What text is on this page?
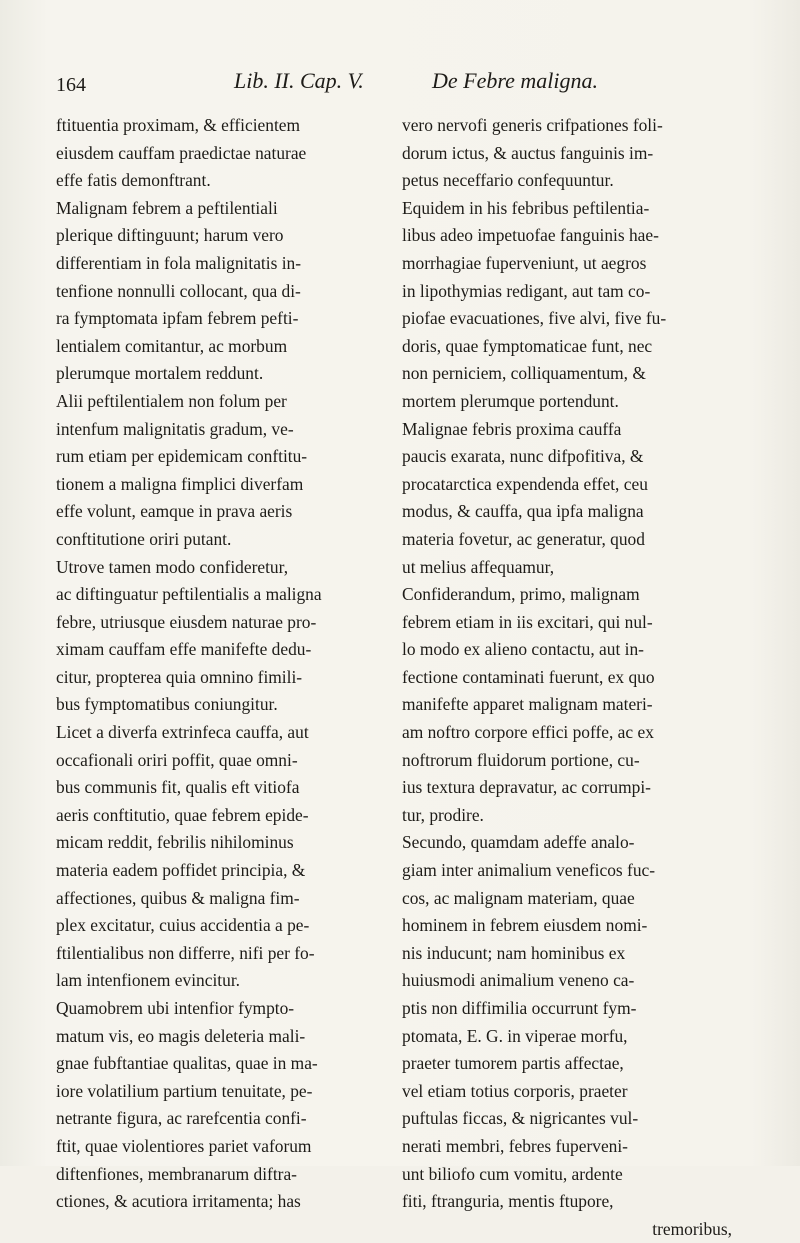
164	Lib. II. Cap. V.	De Febre maligna.
ftituentia proximam, & efficientem
eiusdem cauffam praedictae naturae
effe fatis demonftrant.
Malignam febrem a peftilentiali
plerique diftinguunt; harum vero
differentiam in fola malignitatis in-
tenfione nonnulli collocant, qua di-
ra fymptomata ipfam febrem pefti-
lentialem comitantur, ac morbum
plerumque mortalem reddunt.
Alii peftilentialem non folum per
intenfum malignitatis gradum, ve-
rum etiam per epidemicam conftitu-
tionem a maligna fimplici diverfam
effe volunt, eamque in prava aeris
conftitutione oriri putant.
Utrove tamen modo confideretur,
ac diftinguatur peftilentialis a maligna
febre, utriusque eiusdem naturae pro-
ximam cauffam effe manifefte dedu-
citur, propterea quia omnino fimili-
bus fymptomatibus coniungitur.
Licet a diverfa extrinfeca cauffa, aut
occafionali oriri poffit, quae omni-
bus communis fit, qualis eft vitiofa
aeris conftitutio, quae febrem epide-
micam reddit, febrilis nihilominus
materia eadem poffidet principia, &
affectiones, quibus & maligna fim-
plex excitatur, cuius accidentia a pe-
ftilentialibus non differre, nifi per fo-
lam intenfionem evincitur.
Quamobrem ubi intenfior fympto-
matum vis, eo magis deleteria mali-
gnae fubftantiae qualitas, quae in ma-
iore volatilium partium tenuitate, pe-
netrante figura, ac rarefcentia confi-
ftit, quae violentiores pariet vaforum
diftenfiones, membranarum diftra-
ctiones, & acutiora irritamenta; has
vero nervofi generis crifpationes foli-
dorum ictus, & auctus fanguinis im-
petus neceffario confequuntur.
Equidem in his febribus peftilentia-
libus adeo impetuofae fanguinis hae-
morrhagiae fuperveniunt, ut aegros
in lipothymias redigant, aut tam co-
piofae evacuationes, five alvi, five fu-
doris, quae fymptomaticae funt, nec
non perniciem, colliquamentum, &
mortem plerumque portendunt.
Malignae febris proxima cauffa
paucis exarata, nunc difpofitiva, &
procatarctica expendenda effet, ceu
modus, & cauffa, qua ipfa maligna
materia fovetur, ac generatur, quod
ut melius affequamur,
Confiderandum, primo, malignam
febrem etiam in iis excitari, qui nul-
lo modo ex alieno contactu, aut in-
fectione contaminati fuerunt, ex quo
manifefte apparet malignam materi-
am noftro corpore effici poffe, ac ex
noftrorum fluidorum portione, cu-
ius textura depravatur, ac corrumpi-
tur, prodire.
Secundo, quamdam adeffe analo-
giam inter animalium veneficos fuc-
cos, ac malignam materiam, quae
hominem in febrem eiusdem nomi-
nis inducunt; nam hominibus ex
huiusmodi animalium veneno ca-
ptis non diffimilia occurrunt fym-
ptomata, E. G. in viperae morfu,
praeter tumorem partis affectae,
vel etiam totius corporis, praeter
puftulas ficcas, & nigricantes vul-
nerati membri, febres fuperveni-
unt biliofo cum vomitu, ardente
fiti, ftranguria, mentis ftupore,
tremoribus,
